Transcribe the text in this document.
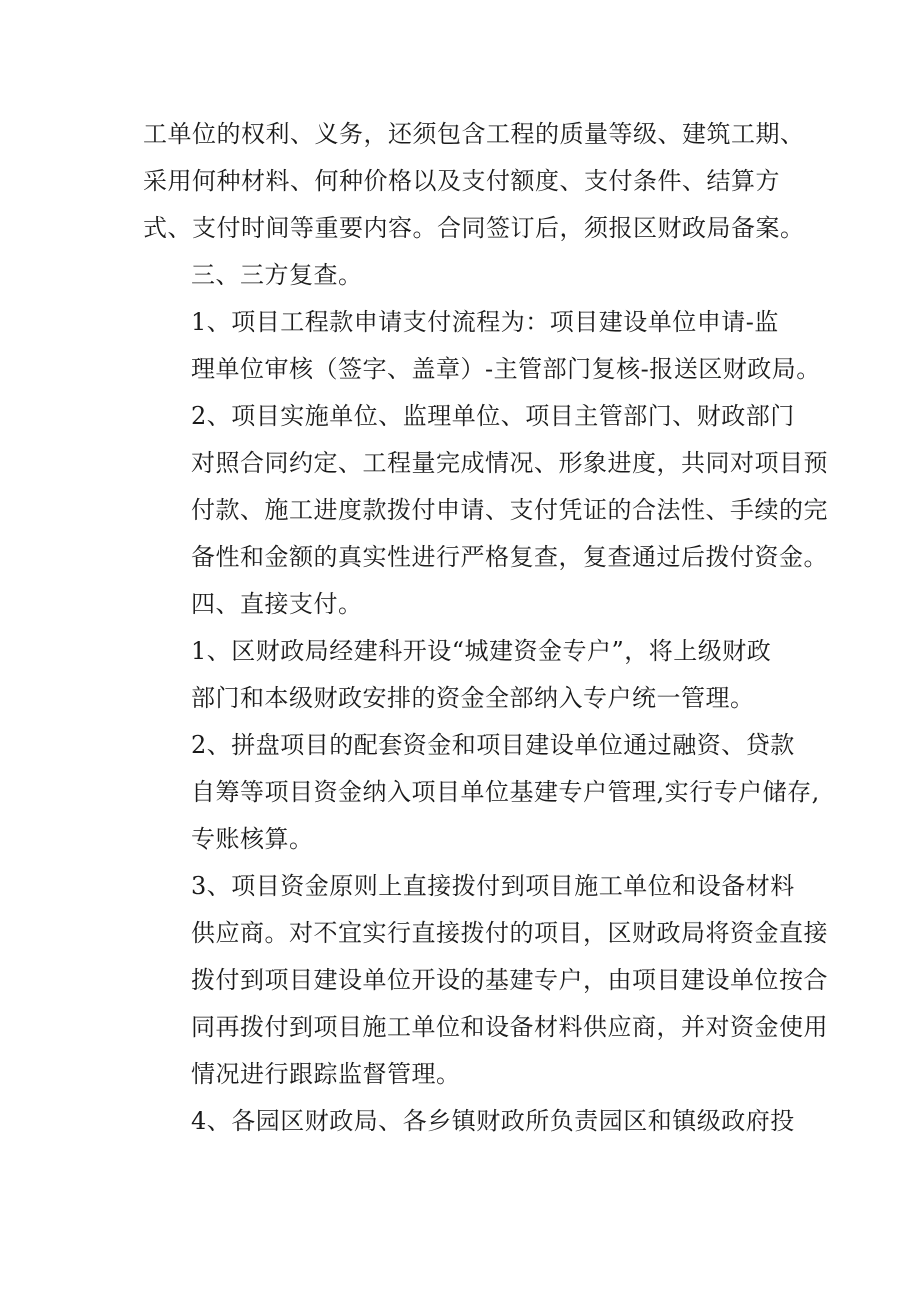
工单位的权利、义务，还须包含工程的质量等级、建筑工期、
采用何种材料、何种价格以及支付额度、支付条件、结算方
式、支付时间等重要内容。合同签订后，须报区财政局备案。
三、三方复查。
1、项目工程款申请支付流程为：项目建设单位申请-监
理单位审核（签字、盖章）-主管部门复核-报送区财政局。
2、项目实施单位、监理单位、项目主管部门、财政部门
对照合同约定、工程量完成情况、形象进度，共同对项目预
付款、施工进度款拨付申请、支付凭证的合法性、手续的完
备性和金额的真实性进行严格复查，复查通过后拨付资金。
四、直接支付。
1、区财政局经建科开设“城建资金专户”，将上级财政
部门和本级财政安排的资金全部纳入专户统一管理。
2、拼盘项目的配套资金和项目建设单位通过融资、贷款
自筹等项目资金纳入项目单位基建专户管理,实行专户储存,
专账核算。
3、项目资金原则上直接拨付到项目施工单位和设备材料
供应商。对不宜实行直接拨付的项目，区财政局将资金直接
拨付到项目建设单位开设的基建专户，由项目建设单位按合
同再拨付到项目施工单位和设备材料供应商，并对资金使用
情况进行跟踪监督管理。
4、各园区财政局、各乡镇财政所负责园区和镇级政府投
